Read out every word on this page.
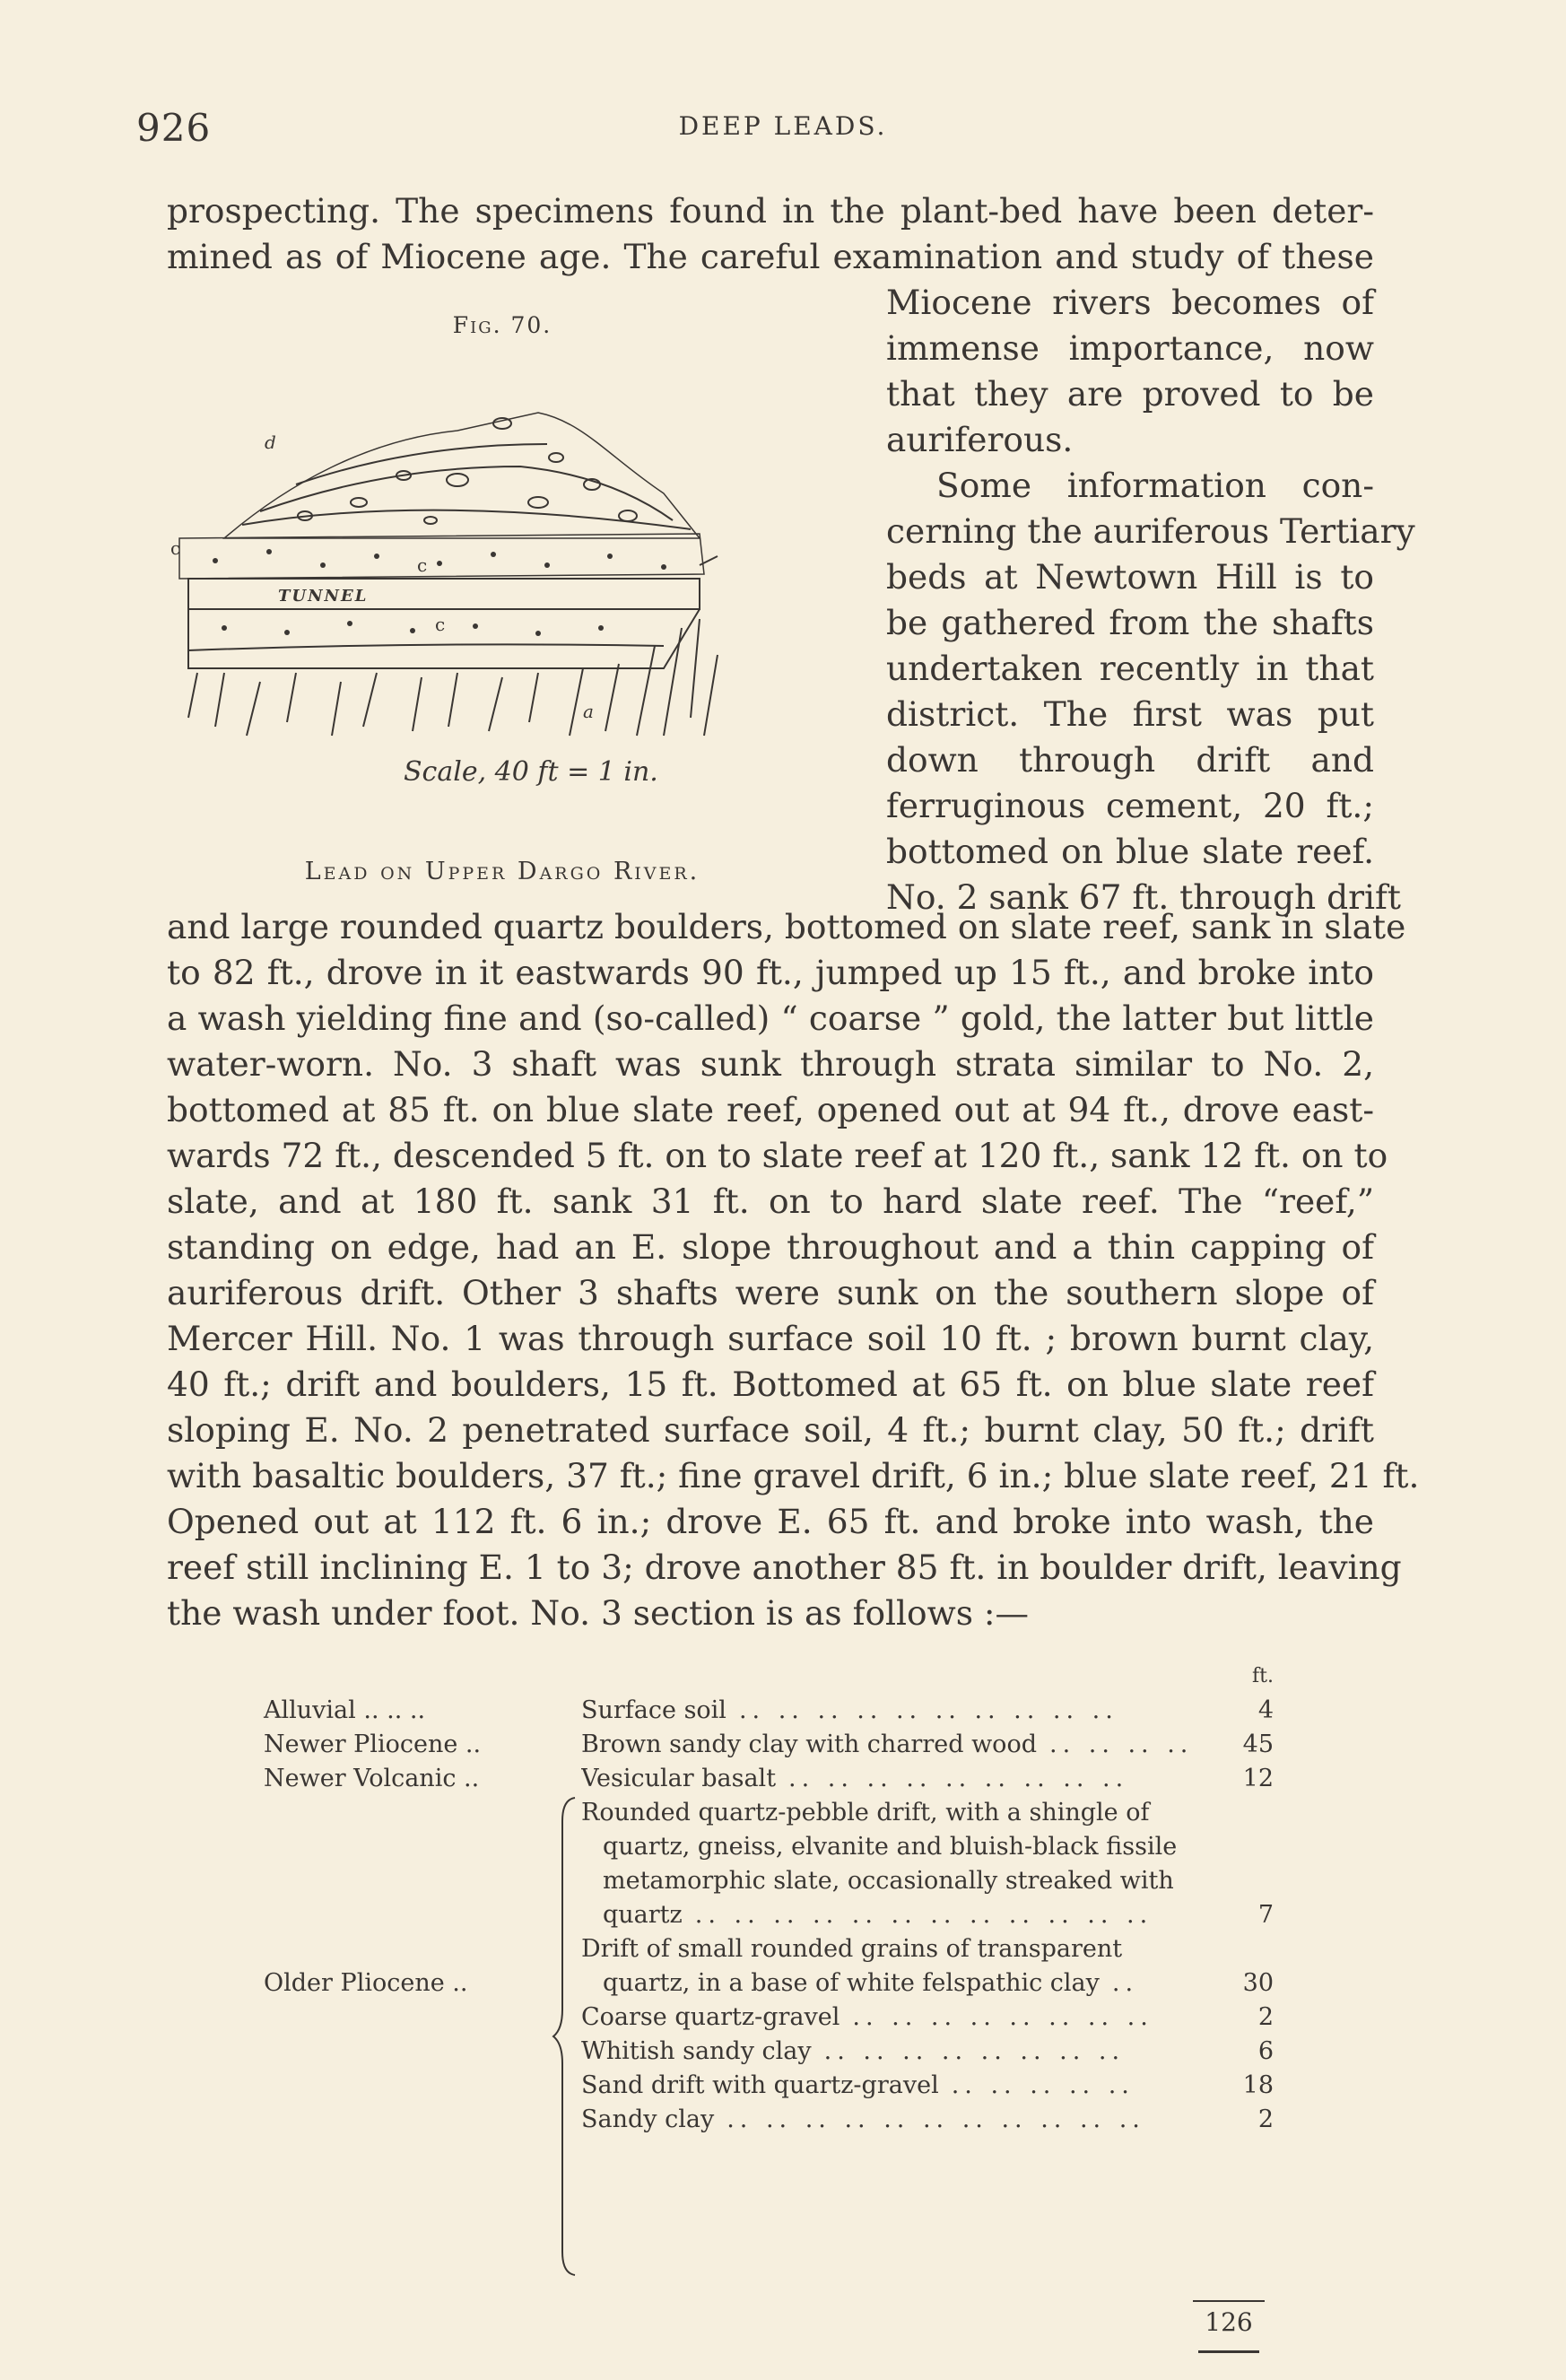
926	DEEP LEADS.
prospecting. The specimens found in the plant-bed have been deter-
mined as of Miocene age. The careful examination and study of these
Miocene rivers becomes of
immense importance, now
that they are proved to be
auriferous.
Some information con-
cerning the auriferous Tertiary
beds at Newtown Hill is to
be gathered from the shafts
undertaken recently in that
district. The first was put
down through drift and
ferruginous cement, 20 ft.;
bottomed on blue slate reef.
No. 2 sank 67 ft. through drift
Fig. 70.
d
c
c
c
a
TUNNEL
Scale, 40 ft = 1 in.
Lead on Upper Dargo River.
and large rounded quartz boulders, bottomed on slate reef, sank in slate
to 82 ft., drove in it eastwards 90 ft., jumped up 15 ft., and broke into
a wash yielding fine and (so-called) “ coarse ” gold, the latter but little
water-worn. No. 3 shaft was sunk through strata similar to No. 2,
bottomed at 85 ft. on blue slate reef, opened out at 94 ft., drove east-
wards 72 ft., descended 5 ft. on to slate reef at 120 ft., sank 12 ft. on to
slate, and at 180 ft. sank 31 ft. on to hard slate reef. The “reef,”
standing on edge, had an E. slope throughout and a thin capping of
auriferous drift. Other 3 shafts were sunk on the southern slope of
Mercer Hill. No. 1 was through surface soil 10 ft. ; brown burnt clay,
40 ft.; drift and boulders, 15 ft. Bottomed at 65 ft. on blue slate reef
sloping E. No. 2 penetrated surface soil, 4 ft.; burnt clay, 50 ft.; drift
with basaltic boulders, 37 ft.; fine gravel drift, 6 in.; blue slate reef, 21 ft.
Opened out at 112 ft. 6 in.; drove E. 65 ft. and broke into wash, the
reef still inclining E. 1 to 3; drove another 85 ft. in boulder drift, leaving
the wash under foot. No. 3 section is as follows :—
ft.
Alluvial .. .. ..	Surface soil .. .. .. .. .. .. .. .. .. ..	4
Newer Pliocene ..	Brown sandy clay with charred wood .. .. .. ..	45
Newer Volcanic ..	Vesicular basalt .. .. .. .. .. .. .. .. ..	12
Rounded quartz-pebble drift, with a shingle of
quartz, gneiss, elvanite and bluish-black fissile
metamorphic slate, occasionally streaked with
quartz .. .. .. .. .. .. .. .. .. .. .. ..	7
Drift of small rounded grains of transparent
Older Pliocene ..	quartz, in a base of white felspathic clay ..	30
Coarse quartz-gravel .. .. .. .. .. .. .. ..	2
Whitish sandy clay .. .. .. .. .. .. .. ..	6
Sand drift with quartz-gravel .. .. .. .. ..	18
Sandy clay .. .. .. .. .. .. .. .. .. .. ..	2
126
